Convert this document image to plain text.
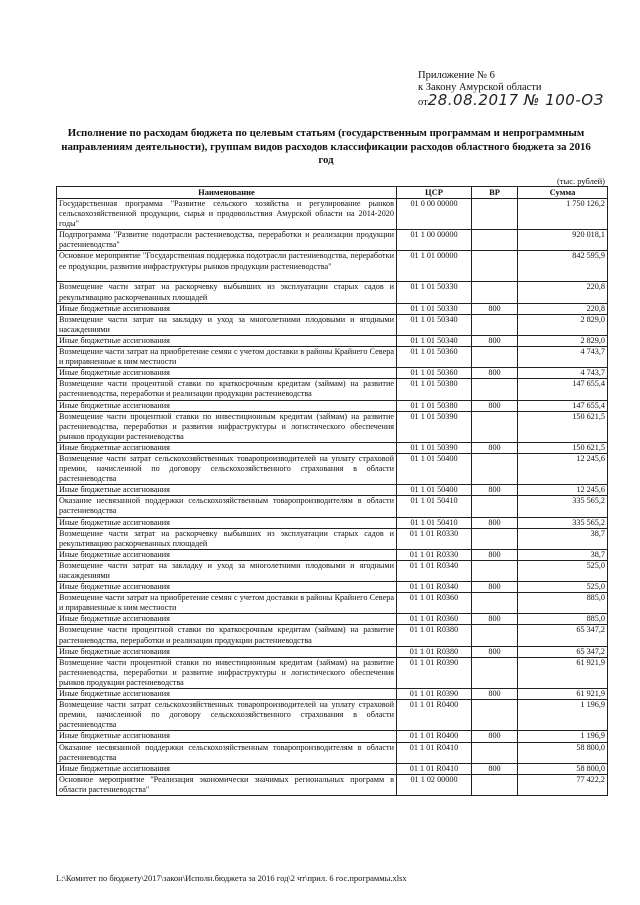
Приложение № 6
к Закону Амурской области
от28.08.2017 № 100-ОЗ
Исполнение по расходам бюджета по целевым статьям (государственным программам и непрограммным направлениям деятельности), группам видов расходов классификации расходов областного бюджета за 2016 год
(тыс. рублей)
Наименование	ЦСР	ВР	Сумма
Государственная программа "Развитие сельского хозяйства и регулирование рынков сельскохозяйственной продукции, сырья и продовольствия Амурской области на 2014-2020 годы"	01 0 00 00000		1 750 126,2
Подпрограмма "Развитие подотрасли растениеводства, переработки и реализации продукции растениеводства"	01 1 00 00000		920 018,1
Основное мероприятие "Государственная поддержка подотрасли растениеводства, переработки ее продукции, развития инфраструктуры рынков продукции растениеводства"	01 1 01 00000		842 595,9
Возмещение части затрат на раскорчевку выбывших из эксплуатации старых садов и рекультивацию раскорчеванных площадей	01 1 01 50330		220,8
Иные бюджетные ассигнования	01 1 01 50330	800	220,8
Возмещение части затрат на закладку и уход за многолетними плодовыми и ягодными насаждениями	01 1 01 50340		2 829,0
Иные бюджетные ассигнования	01 1 01 50340	800	2 829,0
Возмещение части затрат на приобретение семян с учетом доставки в районы Крайнего Севера и приравненные к ним местности	01 1 01 50360		4 743,7
Иные бюджетные ассигнования	01 1 01 50360	800	4 743,7
Возмещение части процентной ставки по краткосрочным кредитам (займам) на развитие растениеводства, переработки и реализации продукции растениеводства	01 1 01 50380		147 655,4
Иные бюджетные ассигнования	01 1 01 50380	800	147 655,4
Возмещение части процентной ставки по инвестиционным кредитам (займам) на развитие растениеводства, переработки и развития инфраструктуры и логистического обеспечения рынков продукции растениеводства	01 1 01 50390		150 621,5
Иные бюджетные ассигнования	01 1 01 50390	800	150 621,5
Возмещение части затрат сельскохозяйственных товаропроизводителей на уплату страховой премии, начисленной по договору сельскохозяйственного страхования в области растениеводства	01 1 01 50400		12 245,6
Иные бюджетные ассигнования	01 1 01 50400	800	12 245,6
Оказание несвязанной поддержки сельскохозяйственным товаропроизводителям в области растениеводства	01 1 01 50410		335 565,2
Иные бюджетные ассигнования	01 1 01 50410	800	335 565,2
Возмещение части затрат на раскорчевку выбывших из эксплуатации старых садов и рекультивацию раскорчеванных площадей	01 1 01 R0330		38,7
Иные бюджетные ассигнования	01 1 01 R0330	800	38,7
Возмещение части затрат на закладку и уход за многолетними плодовыми и ягодными насаждениями	01 1 01 R0340		525,0
Иные бюджетные ассигнования	01 1 01 R0340	800	525,0
Возмещение части затрат на приобретение семян с учетом доставки в районы Крайнего Севера и приравненные к ним местности	01 1 01 R0360		885,0
Иные бюджетные ассигнования	01 1 01 R0360	800	885,0
Возмещение части процентной ставки по краткосрочным кредитам (займам) на развитие растениеводства, переработки и реализации продукции растениеводства	01 1 01 R0380		65 347,2
Иные бюджетные ассигнования	01 1 01 R0380	800	65 347,2
Возмещение части процентной ставки по инвестиционным кредитам (займам) на развитие растениеводства, переработки и развитие инфраструктуры и логистического обеспечения рынков продукции растениеводства	01 1 01 R0390		61 921,9
Иные бюджетные ассигнования	01 1 01 R0390	800	61 921,9
Возмещение части затрат сельскохозяйственных товаропроизводителей на уплату страховой премии, начисленной по договору сельскохозяйственного страхования в области растениеводства	01 1 01 R0400		1 196,9
Иные бюджетные ассигнования	01 1 01 R0400	800	1 196,9
Оказание несвязанной поддержки сельскохозяйственным товаропроизводителям в области растениеводства	01 1 01 R0410		58 800,0
Иные бюджетные ассигнования	01 1 01 R0410	800	58 800,0
Основное мероприятие "Реализация экономически значимых региональных программ в области растениеводства"	01 1 02 00000		77 422,2
L:\Комитет по бюджету\2017\закон\Исполн.бюджета за 2016 год\2 чт\прил. 6 гос.программы.xlsx
